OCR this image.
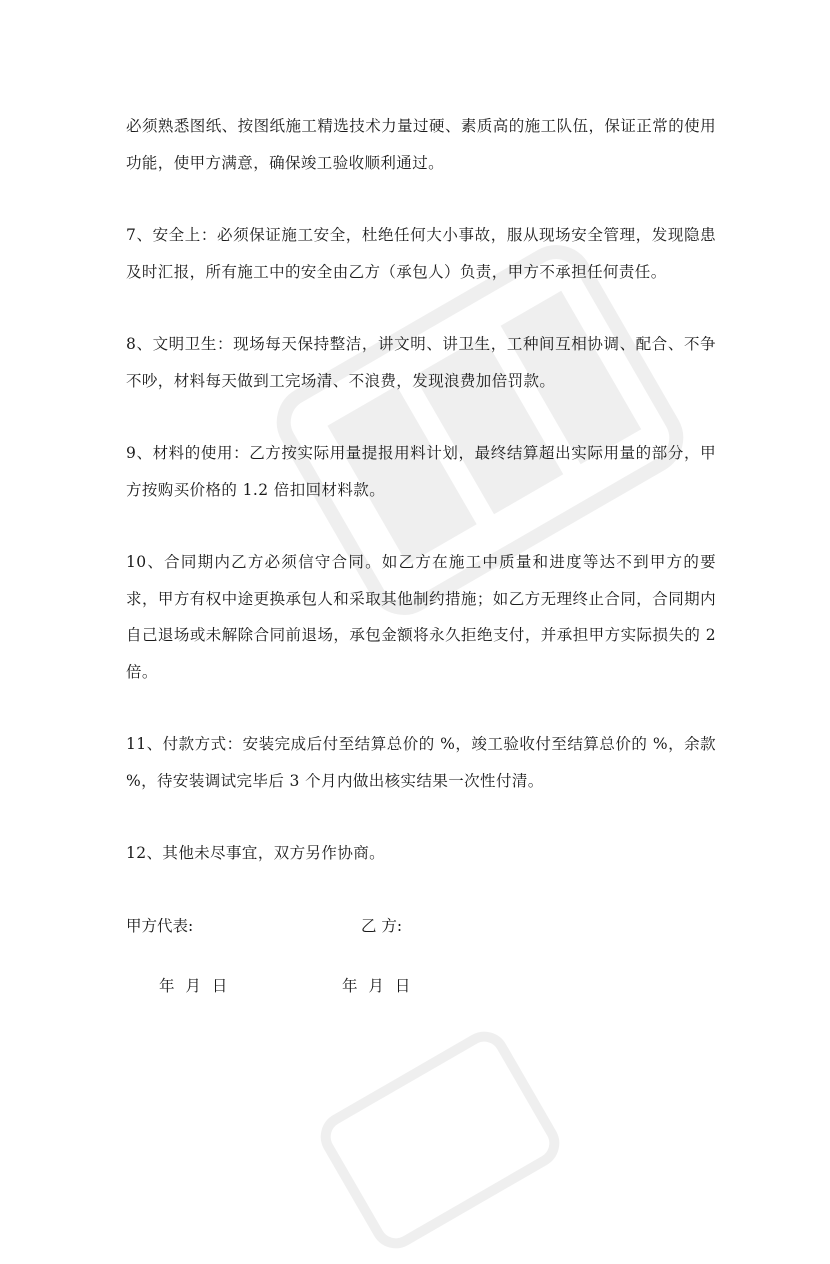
必须熟悉图纸、按图纸施工精选技术力量过硬、素质高的施工队伍，保证正常的使用功能，使甲方满意，确保竣工验收顺利通过。

7、安全上：必须保证施工安全，杜绝任何大小事故，服从现场安全管理，发现隐患及时汇报，所有施工中的安全由乙方（承包人）负责，甲方不承担任何责任。

8、文明卫生：现场每天保持整洁，讲文明、讲卫生，工种间互相协调、配合、不争不吵，材料每天做到工完场清、不浪费，发现浪费加倍罚款。

9、材料的使用：乙方按实际用量提报用料计划，最终结算超出实际用量的部分，甲方按购买价格的 1.2 倍扣回材料款。

10、合同期内乙方必须信守合同。如乙方在施工中质量和进度等达不到甲方的要求，甲方有权中途更换承包人和采取其他制约措施；如乙方无理终止合同，合同期内自己退场或未解除合同前退场，承包金额将永久拒绝支付，并承担甲方实际损失的 2 倍。

11、付款方式：安装完成后付至结算总价的 %，竣工验收付至结算总价的 %，余款 %，待安装调试完毕后 3 个月内做出核实结果一次性付清。

12、其他未尽事宜，双方另作协商。

甲方代表:	乙 方:
年 月 日	年 月 日
